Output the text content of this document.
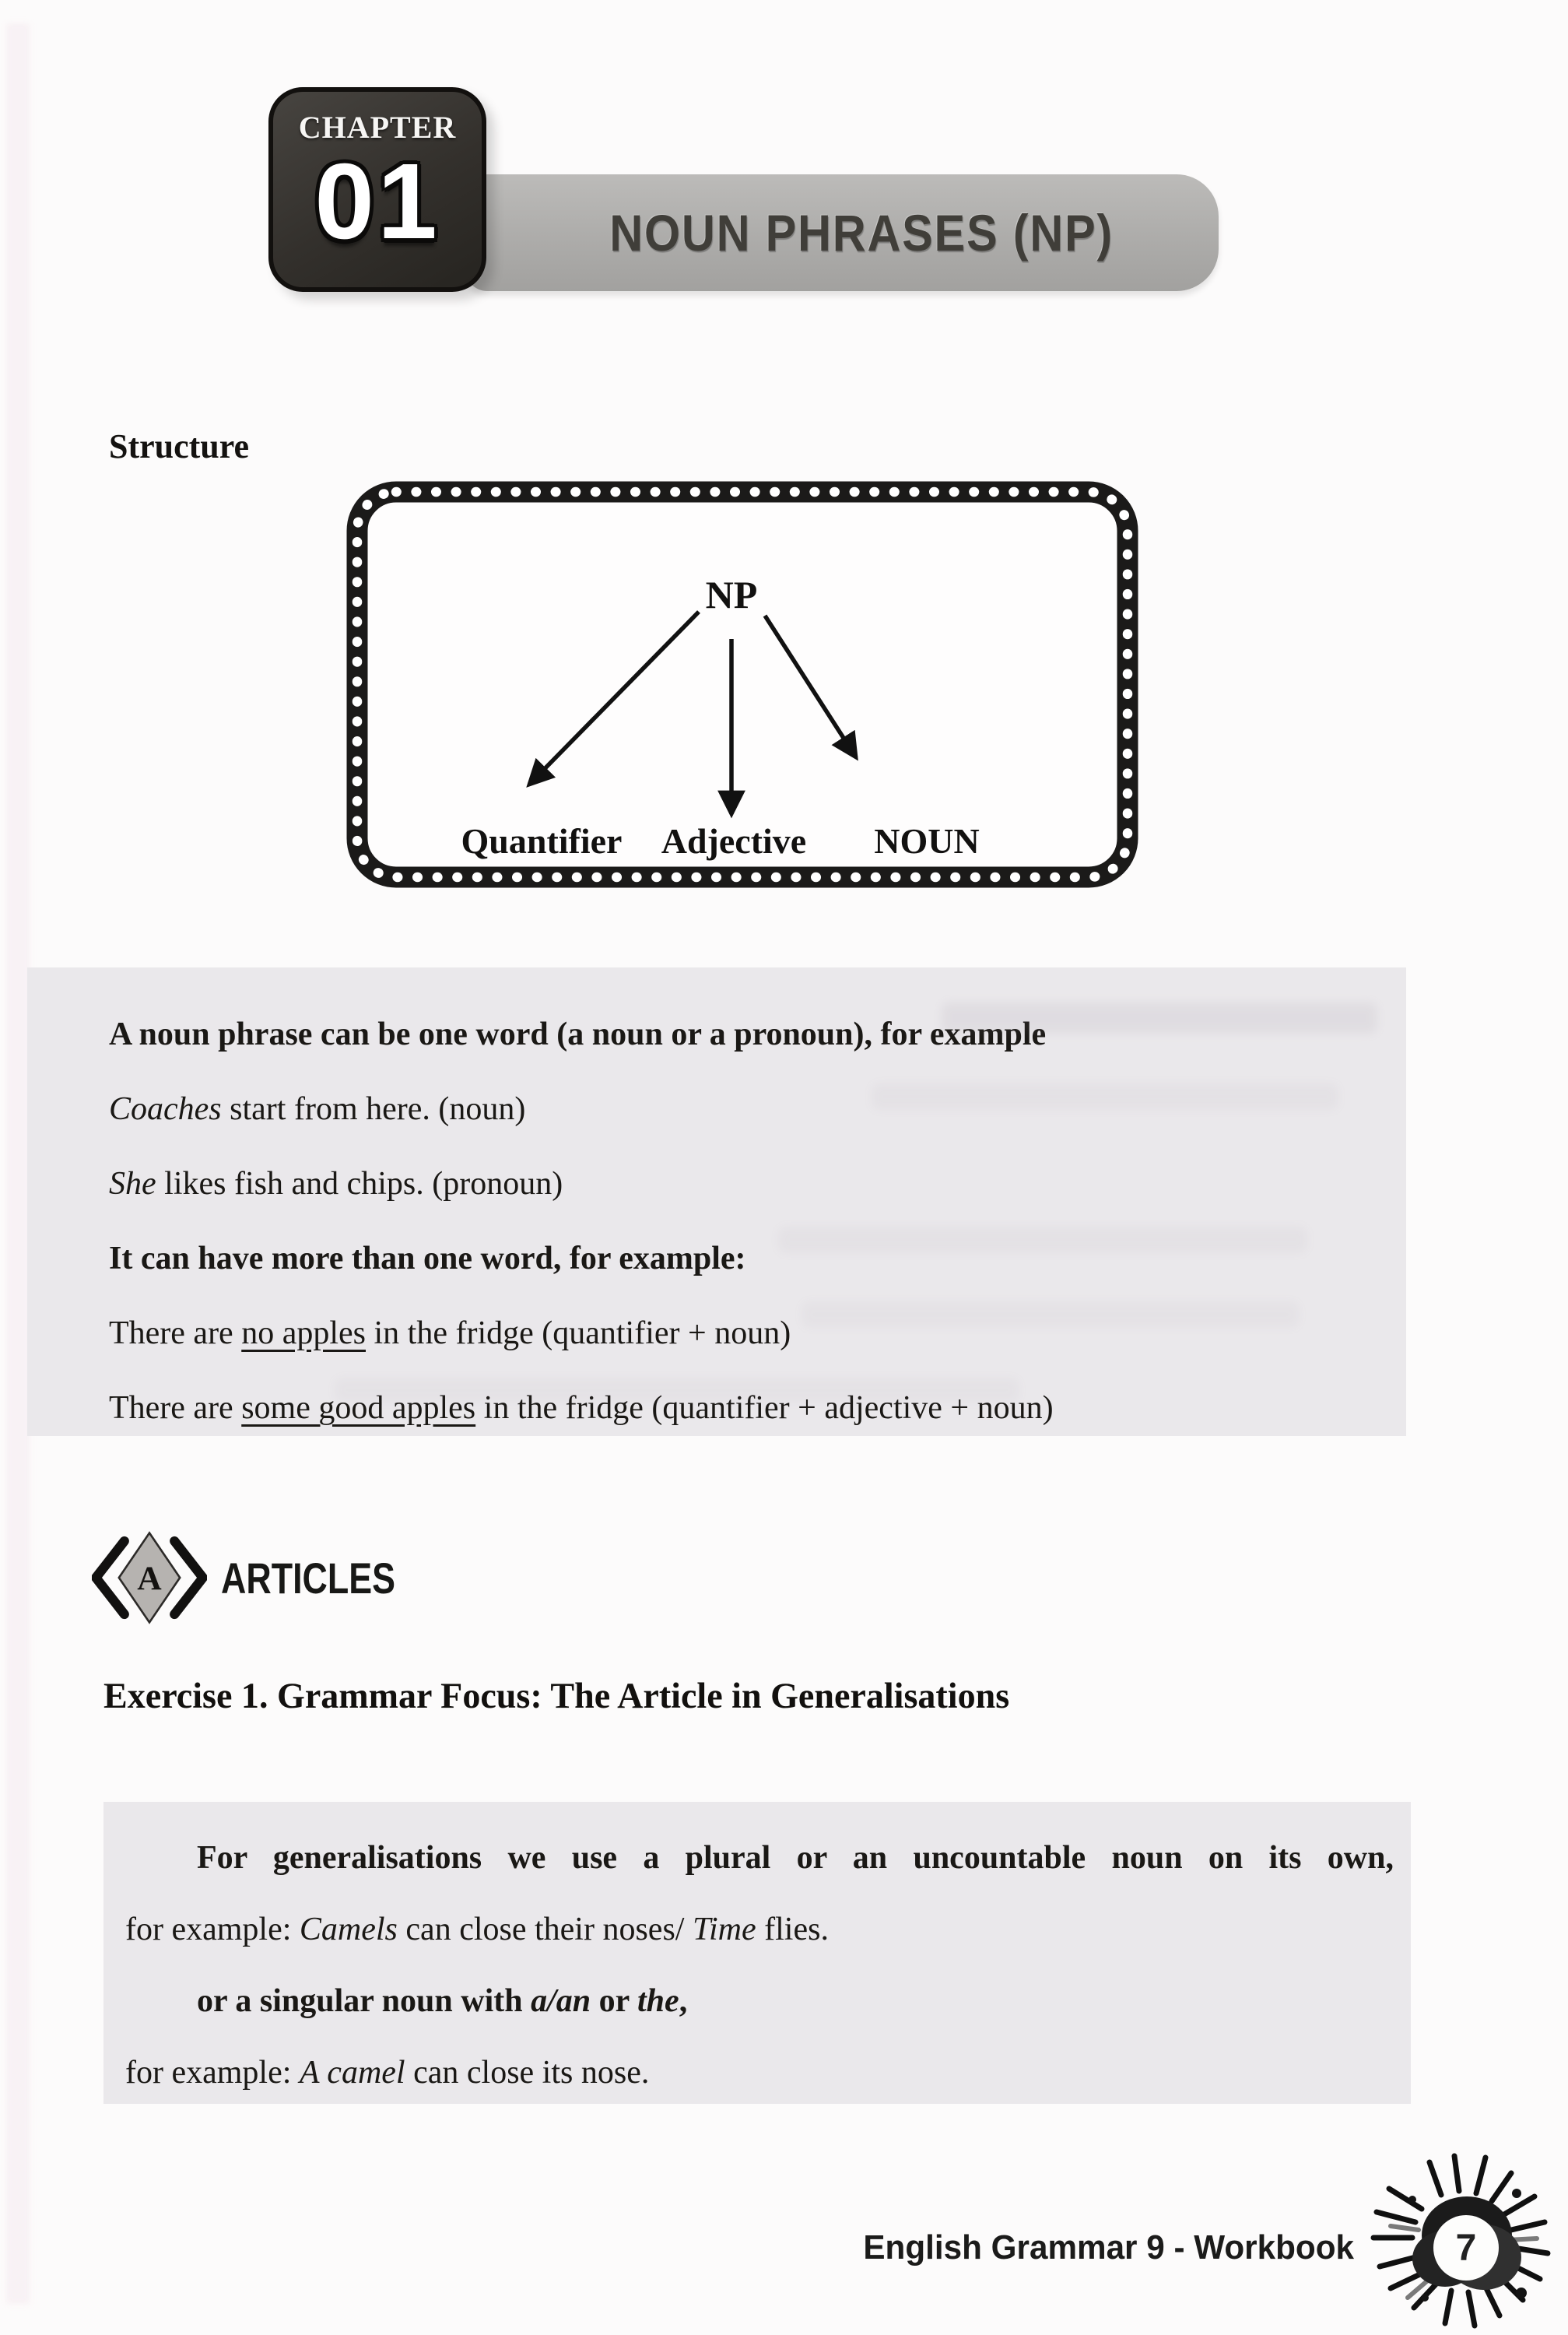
CHAPTER
01	NOUN PHRASES (NP)
Structure
NP
Quantifier Adjective NOUN

A noun phrase can be one word (a noun or a pronoun), for example

Coaches start from here. (noun)

She likes fish and chips. (pronoun)

It can have more than one word, for example:

There are no apples in the fridge (quantifier + noun)

There are some good apples in the fridge (quantifier + adjective + noun)

A ARTICLES
Exercise 1. Grammar Focus: The Article in Generalisations

For generalisations we use a plural or an uncountable noun on its own,

for example: Camels can close their noses/ Time flies.

or a singular noun with a/an or the,

for example: A camel can close its nose.

English Grammar 9 - Workbook	7
